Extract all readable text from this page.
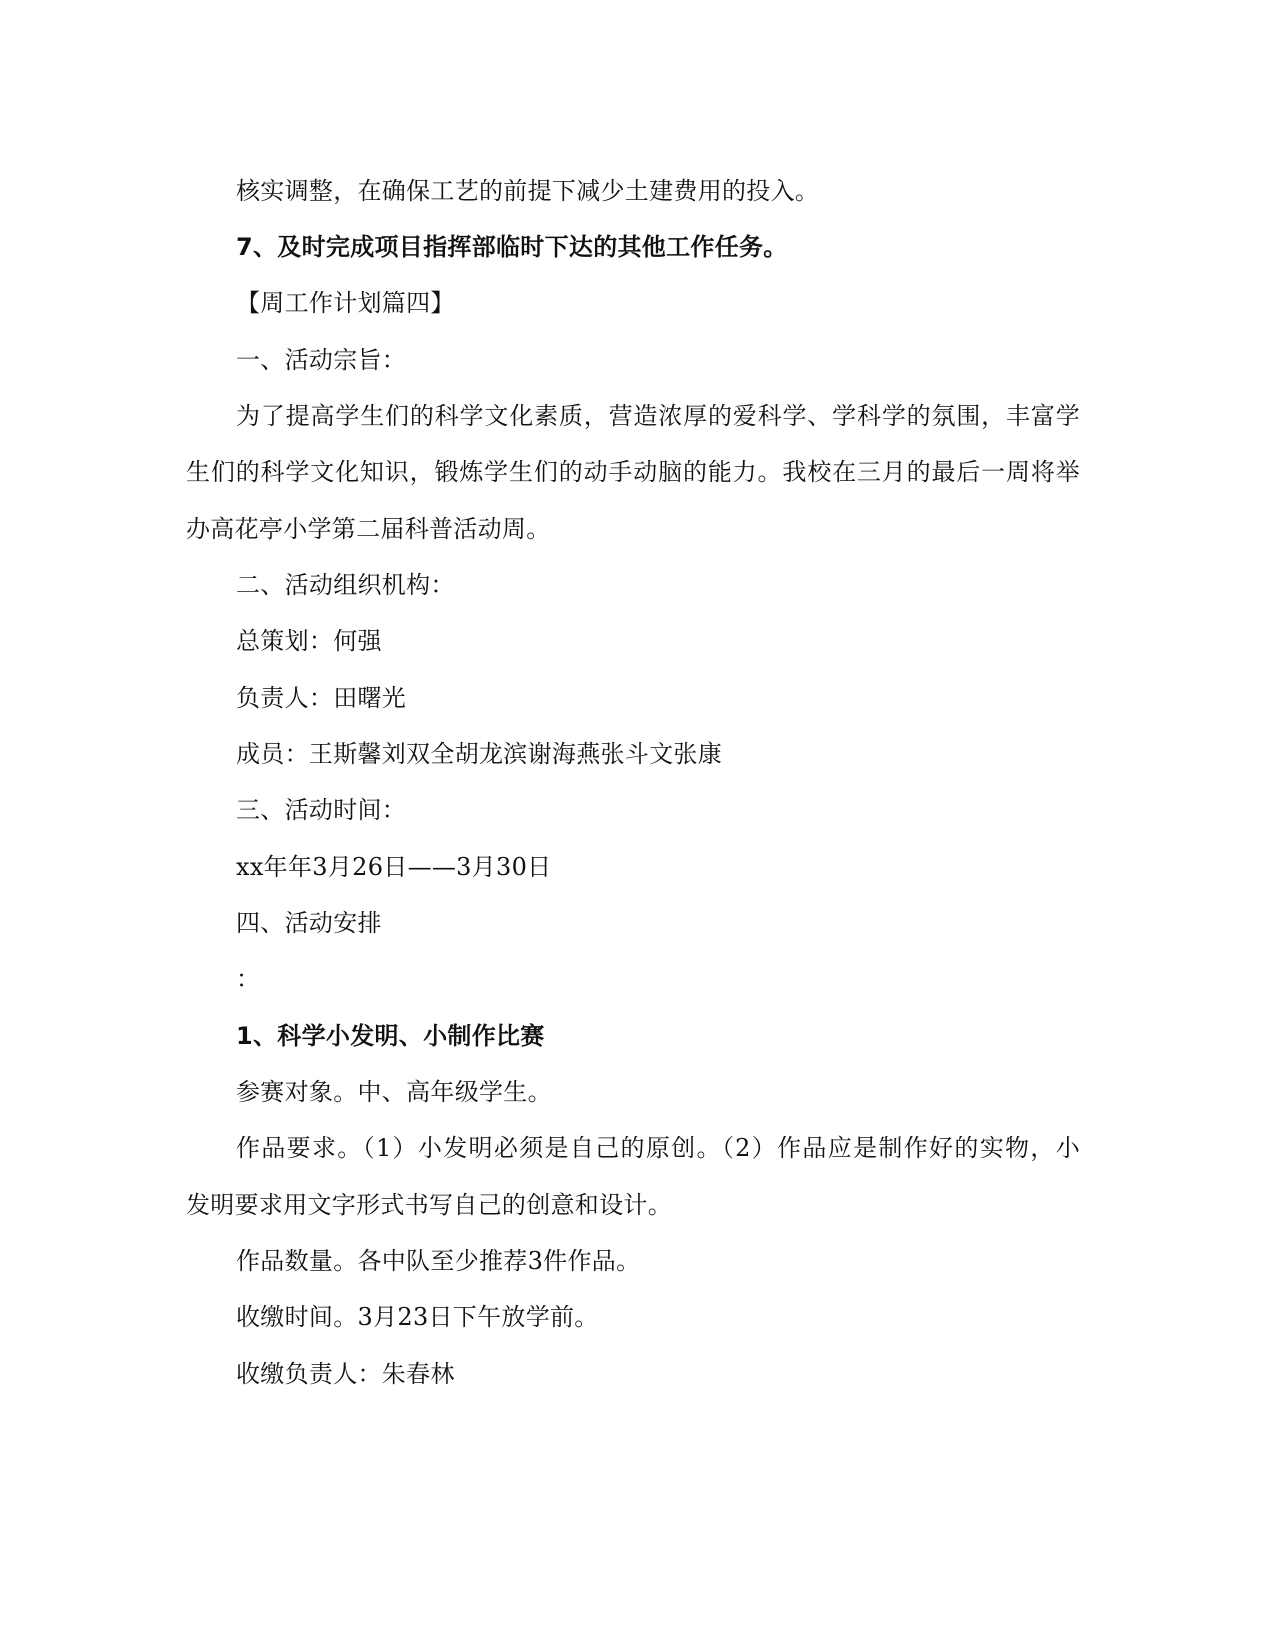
核实调整，在确保工艺的前提下减少土建费用的投入。
7、及时完成项目指挥部临时下达的其他工作任务。
【周工作计划篇四】
一、活动宗旨：
为了提高学生们的科学文化素质，营造浓厚的爱科学、学科学的氛围，丰富学
生们的科学文化知识，锻炼学生们的动手动脑的能力。我校在三月的最后一周将举
办高花亭小学第二届科普活动周。
二、活动组织机构：
总策划：何强
负责人：田曙光
成员：王斯馨刘双全胡龙滨谢海燕张斗文张康
三、活动时间：
xx年年3月26日——3月30日
四、活动安排
：
1、科学小发明、小制作比赛
参赛对象。中、高年级学生。
作品要求。（1）小发明必须是自己的原创。（2）作品应是制作好的实物，小
发明要求用文字形式书写自己的创意和设计。
作品数量。各中队至少推荐3件作品。
收缴时间。3月23日下午放学前。
收缴负责人：朱春林
